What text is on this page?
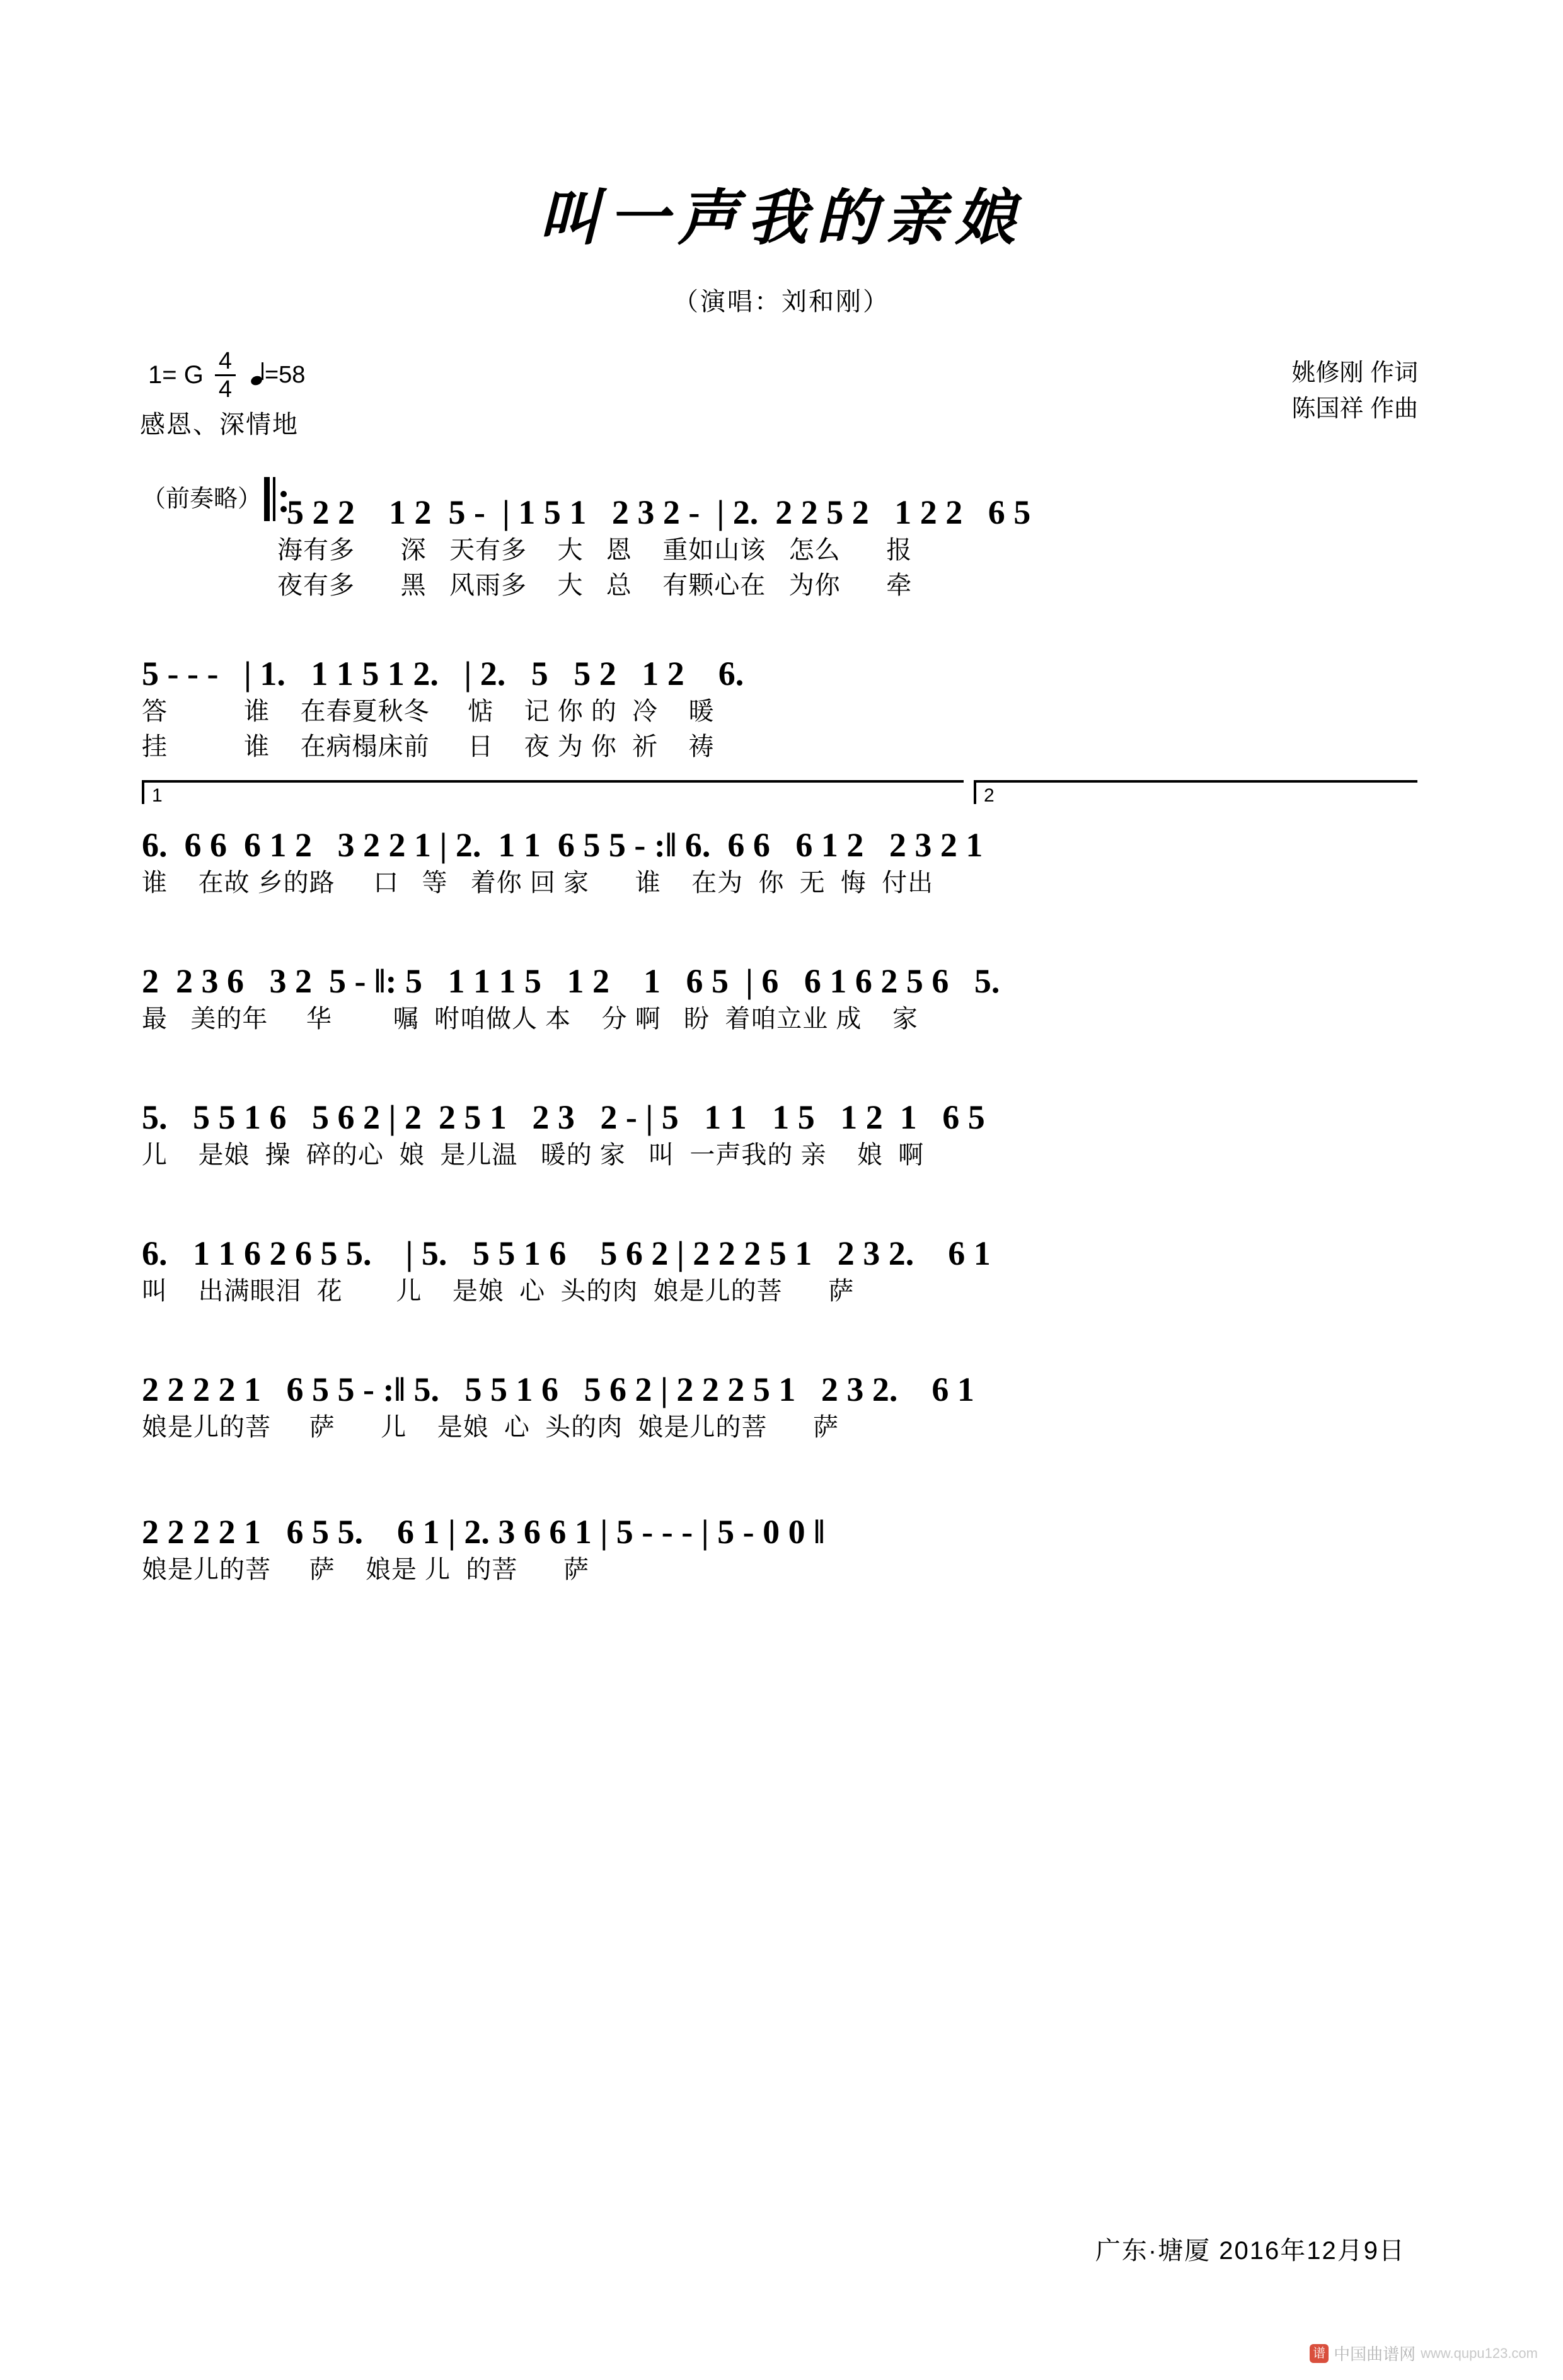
叫一声我的亲娘
（演唱：刘和刚）
1= G $\frac{4}{4}$	=58
感恩、深情地
姚修刚 作词
陈国祥 作曲
（前奏略） 5 2 2    1 2  5 -  | 1 5 1   2 3 2 -  | 2.  2 2 5 2   1 2 2   6 5
海有多      深   天有多    大   恩    重如山该   怎么      报
夜有多      黑   风雨多    大   总    有颗心在   为你      牵
5 - - -   | 1.   1 1 5 1 2.   | 2.   5   5 2   1 2    6.
答          谁    在春夏秋冬     惦    记 你 的  冷    暖
挂          谁    在病榻床前     日    夜 为 你  祈    祷
1	2
6.  6 6  6 1 2   3 2 2 1 | 2.  1 1  6 5 5 - :‖ 6.  6 6   6 1 2   2 3 2 1
谁    在故 乡的路     口   等   着你 回 家      谁    在为  你  无  悔  付出
2  2 3 6   3 2  5 - ‖: 5   1 1 1 5   1 2    1   6 5  | 6   6 1 6 2 5 6   5.
最   美的年     华        嘱  咐咱做人 本    分 啊   盼  着咱立业 成    家
5.   5 5 1 6   5 6 2 | 2  2 5 1   2 3   2 - | 5   1 1   1 5   1 2  1   6 5
儿    是娘  操  碎的心  娘  是儿温   暖的 家   叫  一声我的 亲    娘  啊
6.   1 1 6 2 6 5 5.    | 5.   5 5 1 6    5 6 2 | 2 2 2 5 1   2 3 2.    6 1
叫    出满眼泪  花       儿    是娘  心  头的肉  娘是儿的菩      萨
2 2 2 2 1   6 5 5 - :‖ 5.   5 5 1 6   5 6 2 | 2 2 2 5 1   2 3 2.    6 1
娘是儿的菩     萨      儿    是娘  心  头的肉  娘是儿的菩      萨
2 2 2 2 1   6 5 5.    6 1 | 2. 3 6 6 1 | 5 - - - | 5 - 0 0 ‖
娘是儿的菩     萨    娘是 儿  的菩      萨
广东·塘厦 2016年12月9日
谱 中国曲谱网 www.qupu123.com
